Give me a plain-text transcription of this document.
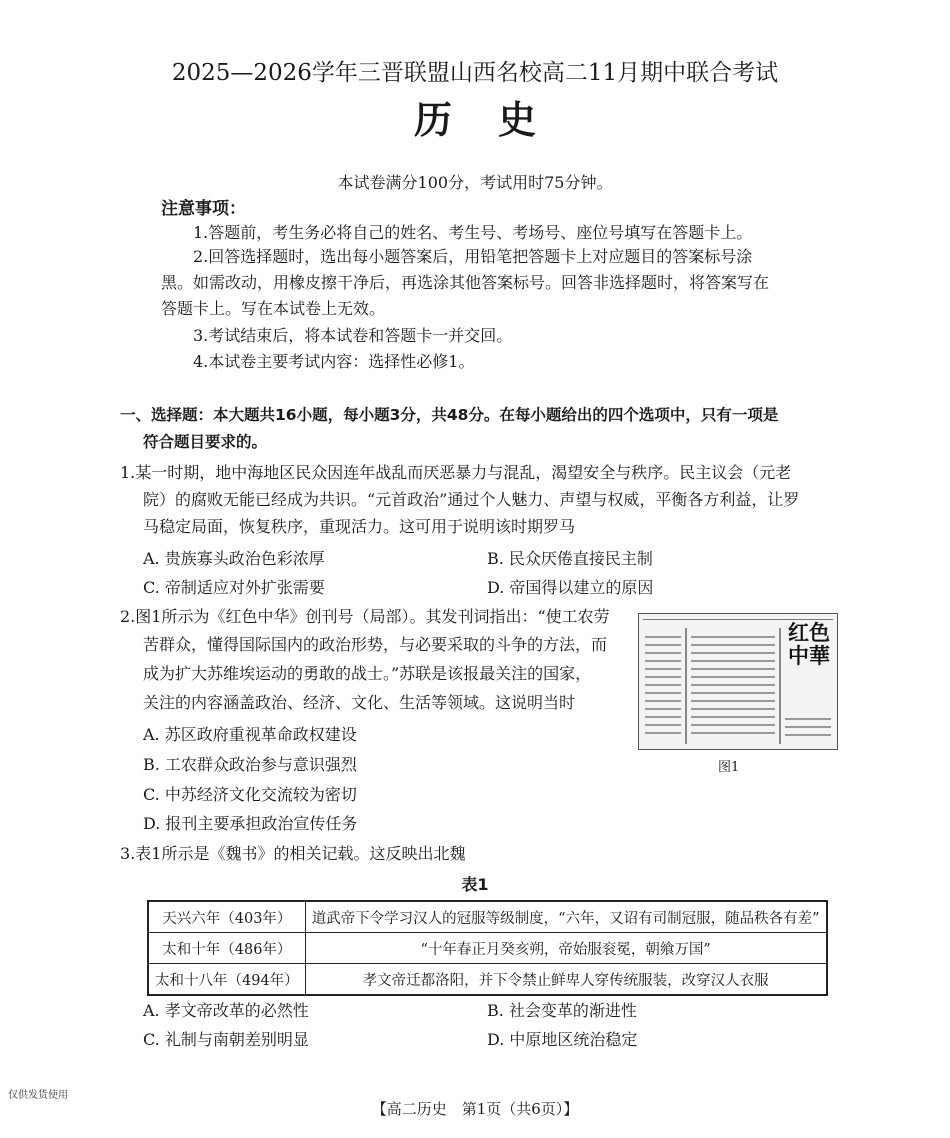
2025—2026学年三晋联盟山西名校高二11月期中联合考试
历史
本试卷满分100分，考试用时75分钟。
注意事项：
1.答题前，考生务必将自己的姓名、考生号、考场号、座位号填写在答题卡上。
2.回答选择题时，选出每小题答案后，用铅笔把答题卡上对应题目的答案标号涂
黑。如需改动，用橡皮擦干净后，再选涂其他答案标号。回答非选择题时，将答案写在
答题卡上。写在本试卷上无效。
3.考试结束后，将本试卷和答题卡一并交回。
4.本试卷主要考试内容：选择性必修1。
一、选择题：本大题共16小题，每小题3分，共48分。在每小题给出的四个选项中，只有一项是
符合题目要求的。
1.某一时期，地中海地区民众因连年战乱而厌恶暴力与混乱，渴望安全与秩序。民主议会（元老
院）的腐败无能已经成为共识。“元首政治”通过个人魅力、声望与权威，平衡各方利益，让罗
马稳定局面，恢复秩序，重现活力。这可用于说明该时期罗马
A. 贵族寡头政治色彩浓厚	B. 民众厌倦直接民主制
C. 帝制适应对外扩张需要	D. 帝国得以建立的原因
2.图1所示为《红色中华》创刊号（局部）。其发刊词指出：“使工农劳
苦群众，懂得国际国内的政治形势，与必要采取的斗争的方法，而
成为扩大苏维埃运动的勇敢的战士。”苏联是该报最关注的国家，
关注的内容涵盖政治、经济、文化、生活等领域。这说明当时
A. 苏区政府重视革命政权建设
B. 工农群众政治参与意识强烈
C. 中苏经济文化交流较为密切
D. 报刊主要承担政治宣传任务
红色中華
图1
3.表1所示是《魏书》的相关记载。这反映出北魏
表1
天兴六年（403年）	道武帝下令学习汉人的冠服等级制度，“六年，又诏有司制冠服，随品秩各有差”
太和十年（486年）	“十年春正月癸亥朔，帝始服衮冕，朝飨万国”
太和十八年（494年）	孝文帝迁都洛阳，并下令禁止鲜卑人穿传统服装，改穿汉人衣服
A. 孝文帝改革的必然性	B. 社会变革的渐进性
C. 礼制与南朝差别明显	D. 中原地区统治稳定
仅供发货使用
【高二历史　第1页（共6页）】
